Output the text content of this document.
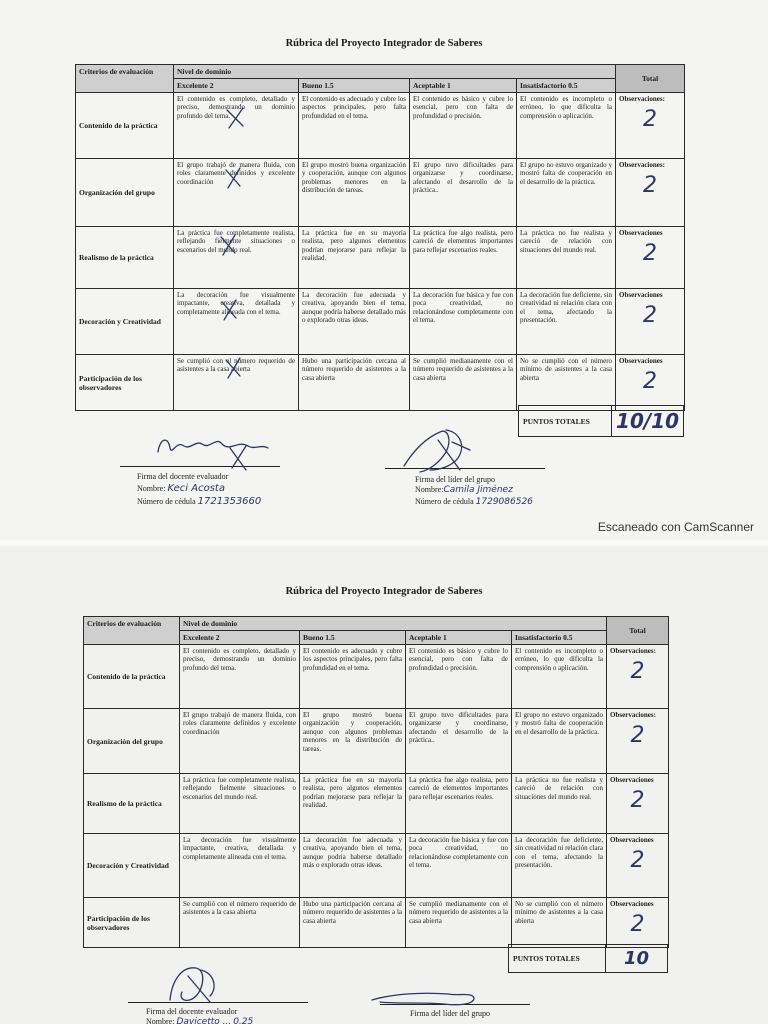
Rúbrica del Proyecto Integrador de Saberes
Criterios de evaluación	Nivel de dominio				Total
	Excelente 2	Bueno 1.5	Aceptable 1	Insatisfactorio 0.5	
Contenido de la práctica	El contenido es completo, detallado y preciso, demostrando un dominio profundo del tema.	El contenido es adecuado y cubre los aspectos principales, pero falta profundidad en el tema.	El contenido es básico y cubre lo esencial, pero con falta de profundidad o precisión.	El contenido es incompleto o erróneo, lo que dificulta la comprensión o aplicación.	Observaciones:
2

Organización del grupo	El grupo trabajó de manera fluida, con roles claramente definidos y excelente coordinación	El grupo mostró buena organización y cooperación, aunque con algunos problemas menores en la distribución de tareas.	El grupo tuvo dificultades para organizarse y coordinarse, afectando el desarrollo de la práctica..	El grupo no estuvo organizado y mostró falta de cooperación en el desarrollo de la práctica.	Observaciones:
2

Realismo de la práctica	La práctica fue completamente realista, reflejando fielmente situaciones o escenarios del mundo real.	La práctica fue en su mayoría realista, pero algunos elementos podrían mejorarse para reflejar la realidad.	La práctica fue algo realista, pero careció de elementos importantes para reflejar escenarios reales.	La práctica no fue realista y careció de relación con situaciones del mundo real.	Observaciones
2

Decoración y Creatividad	La decoración fue visualmente impactante, creativa, detallada y completamente alineada con el tema.	La decoración fue adecuada y creativa, apoyando bien el tema, aunque podría haberse detallado más o explorado otras ideas.	La decoración fue básica y fue con poca creatividad, no relacionándose completamente con el tema.	La decoración fue deficiente, sin creatividad ni relación clara con el tema, afectando la presentación.	Observaciones
2

Participación de los observadores	Se cumplió con el número requerido de asistentes a la casa abierta	Hubo una participación cercana al número requerido de asistentes a la casa abierta	Se cumplió medianamente con el número requerido de asistentes a la casa abierta	No se cumplió con el número mínimo de asistentes a la casa abierta	Observaciones
2
PUNTOS TOTALES	10/10
Firma del docente evaluador
Nombre: Keci Acosta
Número de cédula 1721353660
Firma del líder del grupo
Nombre:Camila Jiménez
Número de cédula 1729086526
Rúbrica del Proyecto Integrador de Saberes
Criterios de evaluación	Nivel de dominio				Total
	Excelente 2	Bueno 1.5	Aceptable 1	Insatisfactorio 0.5	
Contenido de la práctica	El contenido es completo, detallado y preciso, demostrando un dominio profundo del tema.	El contenido es adecuado y cubre los aspectos principales, pero falta profundidad en el tema.	El contenido es básico y cubre lo esencial, pero con falta de profundidad o precisión.	El contenido es incompleto o erróneo, lo que dificulta la comprensión o aplicación.	Observaciones:
2

Organización del grupo	El grupo trabajó de manera fluida, con roles claramente definidos y excelente coordinación	El grupo mostró buena organización y cooperación, aunque con algunos problemas menores en la distribución de tareas.	El grupo tuvo dificultades para organizarse y coordinarse, afectando el desarrollo de la práctica..	El grupo no estuvo organizado y mostró falta de cooperación en el desarrollo de la práctica.	Observaciones:
2

Realismo de la práctica	La práctica fue completamente realista, reflejando fielmente situaciones o escenarios del mundo real.	La práctica fue en su mayoría realista, pero algunos elementos podrían mejorarse para reflejar la realidad.	La práctica fue algo realista, pero careció de elementos importantes para reflejar escenarios reales.	La práctica no fue realista y careció de relación con situaciones del mundo real.	Observaciones
2

Decoración y Creatividad	La decoración fue visualmente impactante, creativa, detallada y completamente alineada con el tema.	La decoración fue adecuada y creativa, apoyando bien el tema, aunque podría haberse detallado más o explorado otras ideas.	La decoración fue básica y fue con poca creatividad, no relacionándose completamente con el tema.	La decoración fue deficiente, sin creatividad ni relación clara con el tema, afectando la presentación.	Observaciones
2

Participación de los observadores	Se cumplió con el número requerido de asistentes a la casa abierta	Hubo una participación cercana al número requerido de asistentes a la casa abierta	Se cumplió medianamente con el número requerido de asistentes a la casa abierta	No se cumplió con el número mínimo de asistentes a la casa abierta	Observaciones
2
PUNTOS TOTALES	10
Firma del docente evaluador
Nombre: Davicetto ... 0.25
Firma del líder del grupo
Escaneado con CamScanner
